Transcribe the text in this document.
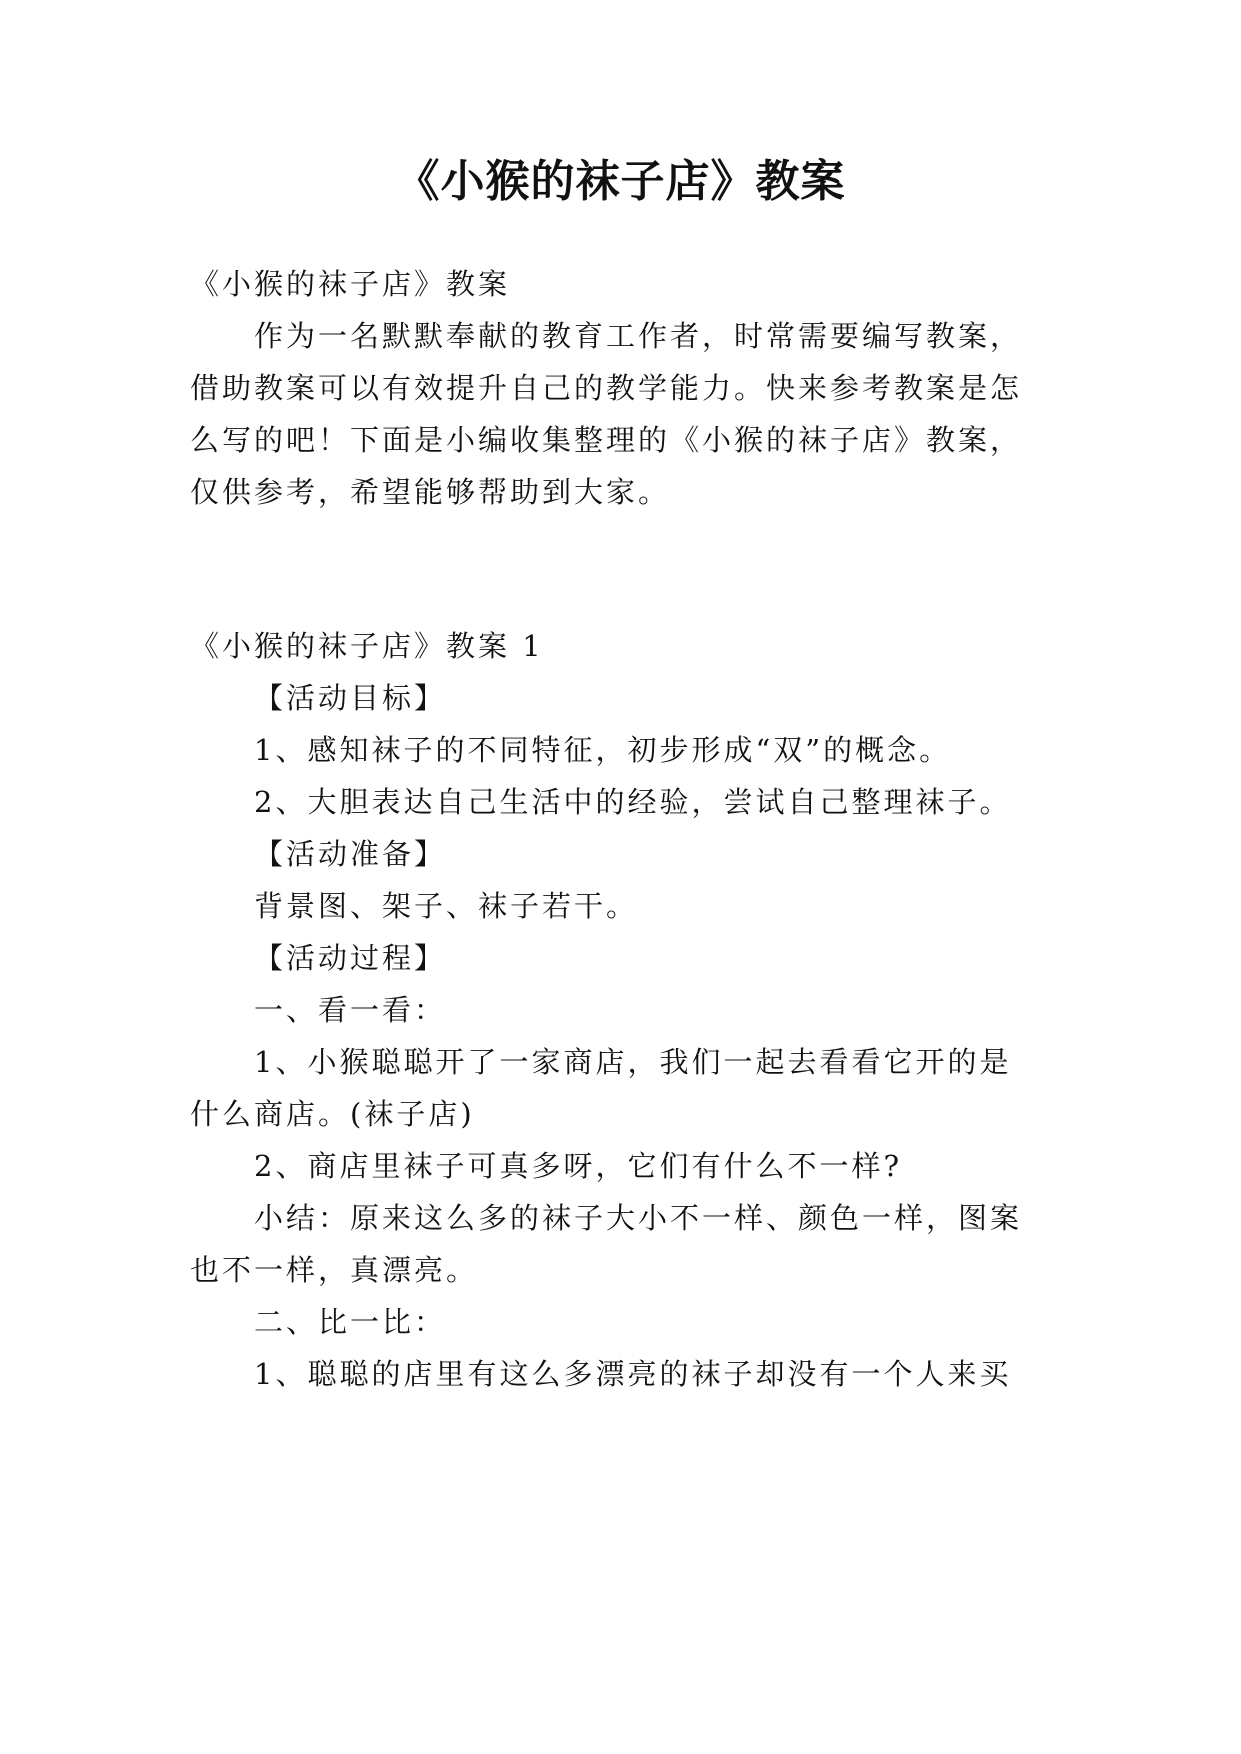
《小猴的袜子店》教案
《小猴的袜子店》教案
作为一名默默奉献的教育工作者，时常需要编写教案，
借助教案可以有效提升自己的教学能力。快来参考教案是怎
么写的吧！下面是小编收集整理的《小猴的袜子店》教案，
仅供参考，希望能够帮助到大家。
《小猴的袜子店》教案 1
【活动目标】
1、感知袜子的不同特征，初步形成“双”的概念。
2、大胆表达自己生活中的经验，尝试自己整理袜子。
【活动准备】
背景图、架子、袜子若干。
【活动过程】
一、看一看：
1、小猴聪聪开了一家商店，我们一起去看看它开的是
什么商店。(袜子店)
2、商店里袜子可真多呀，它们有什么不一样?
小结：原来这么多的袜子大小不一样、颜色一样，图案
也不一样，真漂亮。
二、比一比：
1、聪聪的店里有这么多漂亮的袜子却没有一个人来买
